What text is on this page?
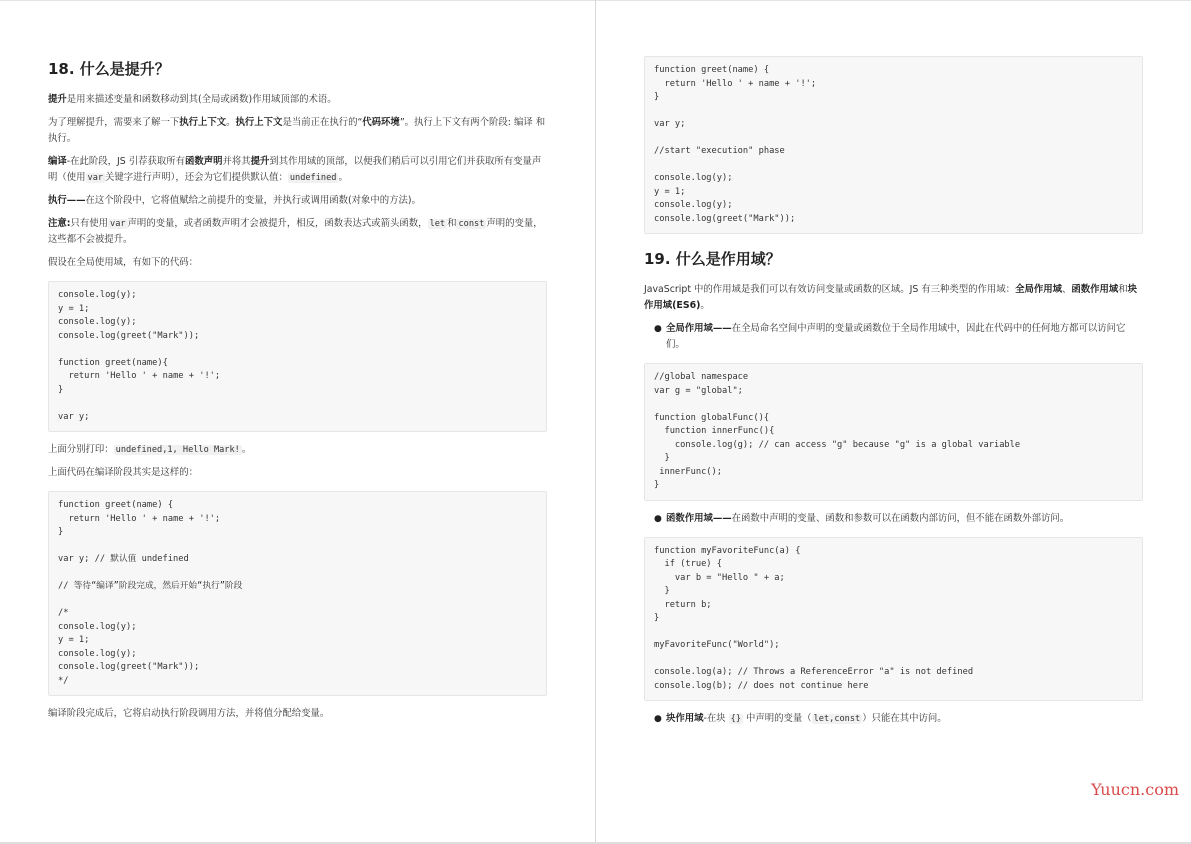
18. 什么是提升？

提升是用来描述变量和函数移动到其(全局或函数)作用域顶部的术语。

为了理解提升，需要来了解一下执行上下文。执行上下文是当前正在执行的“代码环境”。执行上下文有两个阶段: 编译 和 执行。

编译-在此阶段，JS 引荐获取所有函数声明并将其提升到其作用域的顶部，以便我们稍后可以引用它们并获取所有变量声明（使用 var 关键字进行声明），还会为它们提供默认值： undefined 。

执行——在这个阶段中，它将值赋给之前提升的变量，并执行或调用函数(对象中的方法)。

注意:只有使用 var 声明的变量，或者函数声明才会被提升，相反，函数表达式或箭头函数， let 和 const 声明的变量，这些都不会被提升。

假设在全局使用域，有如下的代码：

console.log(y);
y = 1;
console.log(y);
console.log(greet("Mark"));

function greet(name){
return 'Hello ' + name + '!';
}

var y;

上面分别打印： undefined,1, Hello Mark! 。

上面代码在编译阶段其实是这样的：

function greet(name) {
return 'Hello ' + name + '!';
}

var y; // 默认值 undefined

// 等待“编译”阶段完成，然后开始“执行”阶段

/*
console.log(y);
y = 1;
console.log(y);
console.log(greet("Mark"));
*/

编译阶段完成后，它将启动执行阶段调用方法，并将值分配给变量。

function greet(name) {
return 'Hello ' + name + '!';
}

var y;

//start "execution" phase

console.log(y);
y = 1;
console.log(y);
console.log(greet("Mark"));
19. 什么是作用域？

JavaScript 中的作用域是我们可以有效访问变量或函数的区域。JS 有三种类型的作用域：全局作用域、函数作用域和块作用域(ES6)。

● 全局作用域——在全局命名空间中声明的变量或函数位于全局作用域中，因此在代码中的任何地方都可以访问它们。
//global namespace
var g = "global";

function globalFunc(){
function innerFunc(){
console.log(g); // can access "g" because "g" is a global variable
}
innerFunc();
}
● 函数作用域——在函数中声明的变量、函数和参数可以在函数内部访问，但不能在函数外部访问。
function myFavoriteFunc(a) {
if (true) {
var b = "Hello " + a;
}
return b;
}

myFavoriteFunc("World");

console.log(a); // Throws a ReferenceError "a" is not defined
console.log(b); // does not continue here
● 块作用域-在块 {} 中声明的变量（ let,const ）只能在其中访问。
Yuucn.com
